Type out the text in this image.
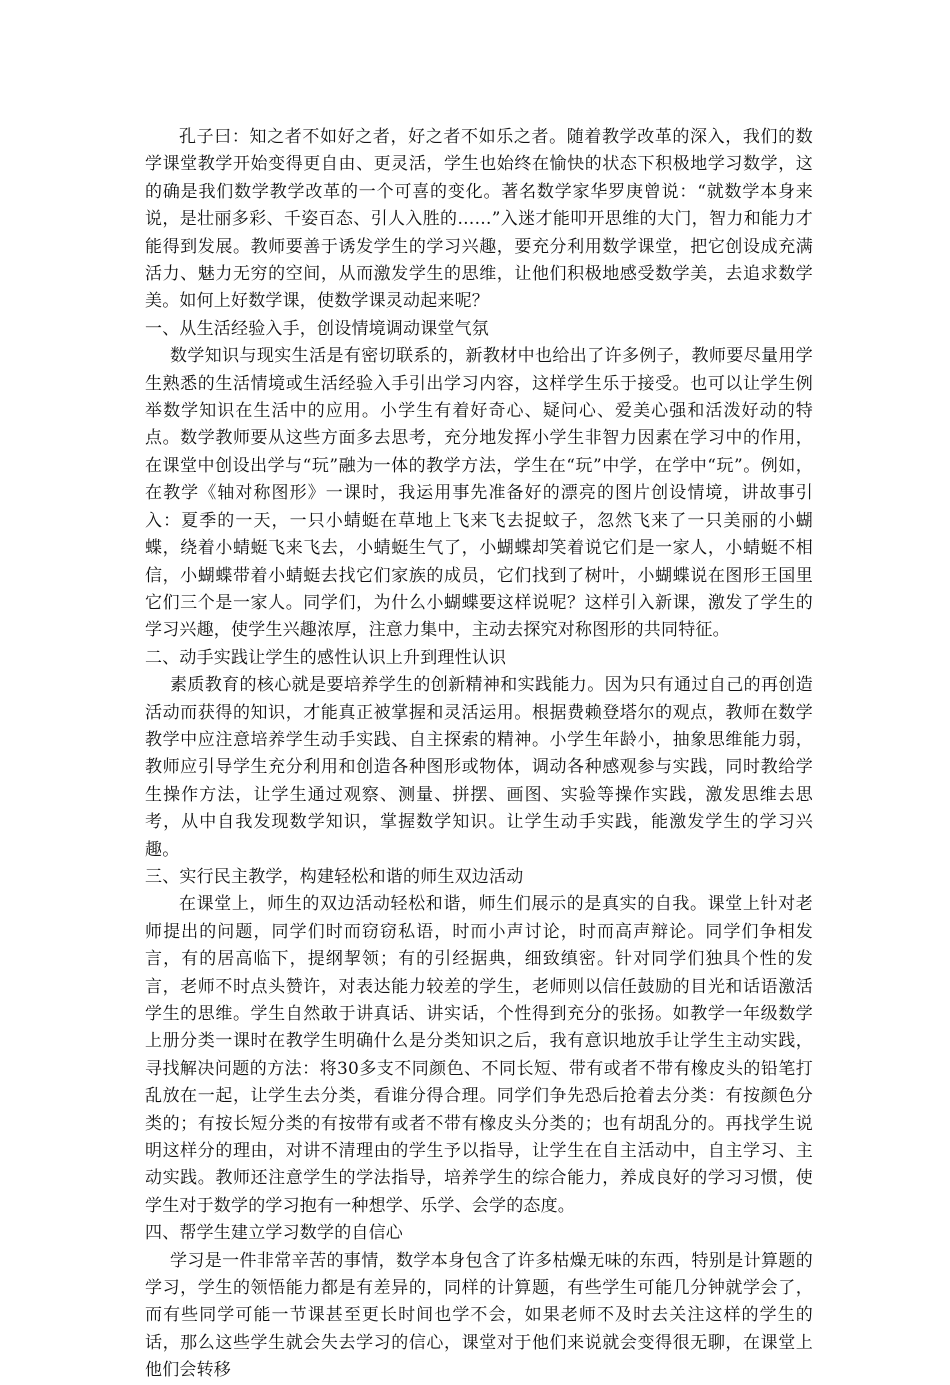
孔子曰：知之者不如好之者，好之者不如乐之者。随着教学改革的深入，我们的数学课堂教学开始变得更自由、更灵活，学生也始终在愉快的状态下积极地学习数学，这的确是我们数学教学改革的一个可喜的变化。著名数学家华罗庚曾说：“就数学本身来说，是壮丽多彩、千姿百态、引人入胜的……”入迷才能叩开思维的大门，智力和能力才能得到发展。教师要善于诱发学生的学习兴趣，要充分利用数学课堂，把它创设成充满活力、魅力无穷的空间，从而激发学生的思维，让他们积极地感受数学美，去追求数学美。如何上好数学课，使数学课灵动起来呢？

一、从生活经验入手，创设情境调动课堂气氛

数学知识与现实生活是有密切联系的，新教材中也给出了许多例子，教师要尽量用学生熟悉的生活情境或生活经验入手引出学习内容，这样学生乐于接受。也可以让学生例举数学知识在生活中的应用。小学生有着好奇心、疑问心、爱美心强和活泼好动的特点。数学教师要从这些方面多去思考，充分地发挥小学生非智力因素在学习中的作用，在课堂中创设出学与“玩”融为一体的教学方法，学生在“玩”中学，在学中“玩”。例如，在教学《轴对称图形》一课时，我运用事先准备好的漂亮的图片创设情境，讲故事引入：夏季的一天，一只小蜻蜓在草地上飞来飞去捉蚊子，忽然飞来了一只美丽的小蝴蝶，绕着小蜻蜓飞来飞去，小蜻蜓生气了，小蝴蝶却笑着说它们是一家人，小蜻蜓不相信，小蝴蝶带着小蜻蜓去找它们家族的成员，它们找到了树叶，小蝴蝶说在图形王国里它们三个是一家人。同学们，为什么小蝴蝶要这样说呢？这样引入新课，激发了学生的学习兴趣，使学生兴趣浓厚，注意力集中，主动去探究对称图形的共同特征。

二、动手实践让学生的感性认识上升到理性认识

素质教育的核心就是要培养学生的创新精神和实践能力。因为只有通过自己的再创造活动而获得的知识，才能真正被掌握和灵活运用。根据费赖登塔尔的观点，教师在数学教学中应注意培养学生动手实践、自主探索的精神。小学生年龄小，抽象思维能力弱，教师应引导学生充分利用和创造各种图形或物体，调动各种感观参与实践，同时教给学生操作方法，让学生通过观察、测量、拼摆、画图、实验等操作实践，激发思维去思考，从中自我发现数学知识，掌握数学知识。让学生动手实践，能激发学生的学习兴趣。

三、实行民主教学，构建轻松和谐的师生双边活动

在课堂上，师生的双边活动轻松和谐，师生们展示的是真实的自我。课堂上针对老师提出的问题，同学们时而窃窃私语，时而小声讨论，时而高声辩论。同学们争相发言，有的居高临下，提纲挈领；有的引经据典，细致缜密。针对同学们独具个性的发言，老师不时点头赞许，对表达能力较差的学生，老师则以信任鼓励的目光和话语激活学生的思维。学生自然敢于讲真话、讲实话，个性得到充分的张扬。如教学一年级数学上册分类一课时在教学生明确什么是分类知识之后，我有意识地放手让学生主动实践，寻找解决问题的方法：将30多支不同颜色、不同长短、带有或者不带有橡皮头的铅笔打乱放在一起，让学生去分类，看谁分得合理。同学们争先恐后抢着去分类：有按颜色分类的；有按长短分类的有按带有或者不带有橡皮头分类的；也有胡乱分的。再找学生说明这样分的理由，对讲不清理由的学生予以指导，让学生在自主活动中，自主学习、主动实践。教师还注意学生的学法指导，培养学生的综合能力，养成良好的学习习惯，使学生对于数学的学习抱有一种想学、乐学、会学的态度。

四、帮学生建立学习数学的自信心

学习是一件非常辛苦的事情，数学本身包含了许多枯燥无味的东西，特别是计算题的学习，学生的领悟能力都是有差异的，同样的计算题，有些学生可能几分钟就学会了，而有些同学可能一节课甚至更长时间也学不会，如果老师不及时去关注这样的学生的话，那么这些学生就会失去学习的信心，课堂对于他们来说就会变得很无聊，在课堂上他们会转移
